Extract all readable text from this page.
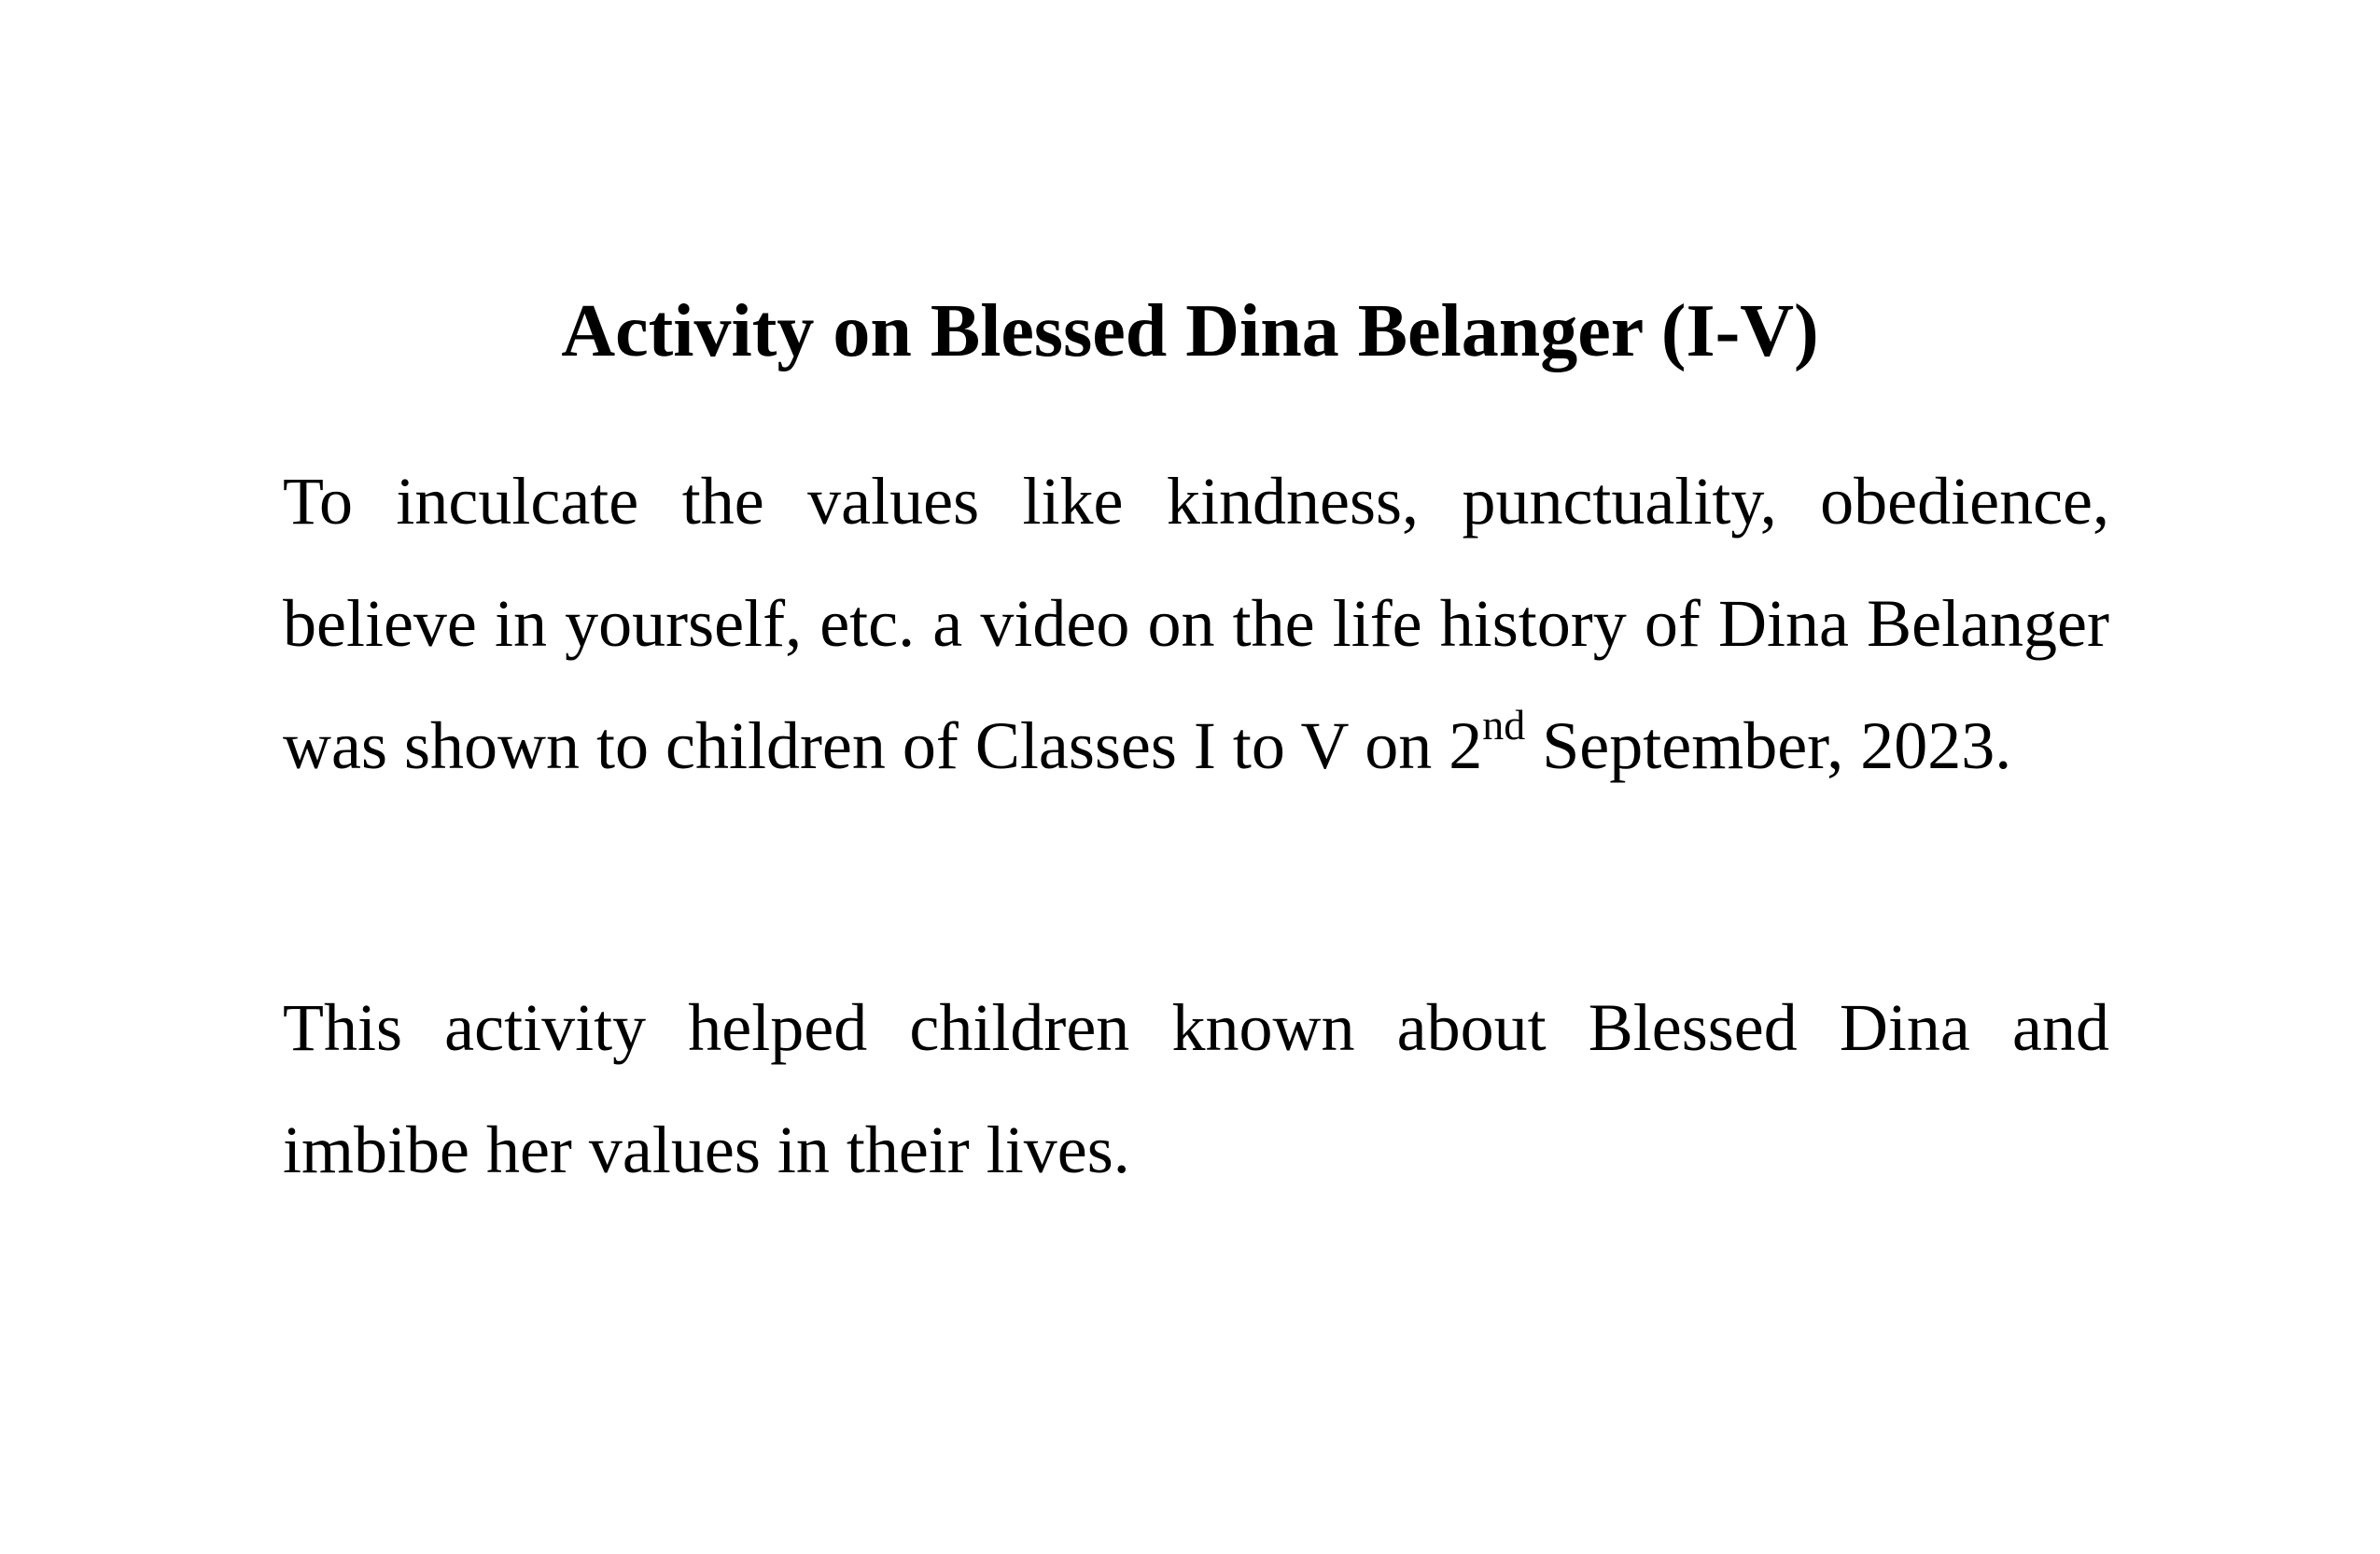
Activity on Blessed Dina Belanger (I-V)

To inculcate the values like kindness, punctuality, obedience, believe in yourself, etc. a video on the life history of Dina Belanger was shown to children of Classes I to V on 2nd September, 2023.

This activity helped children known about Blessed Dina and imbibe her values in their lives.
